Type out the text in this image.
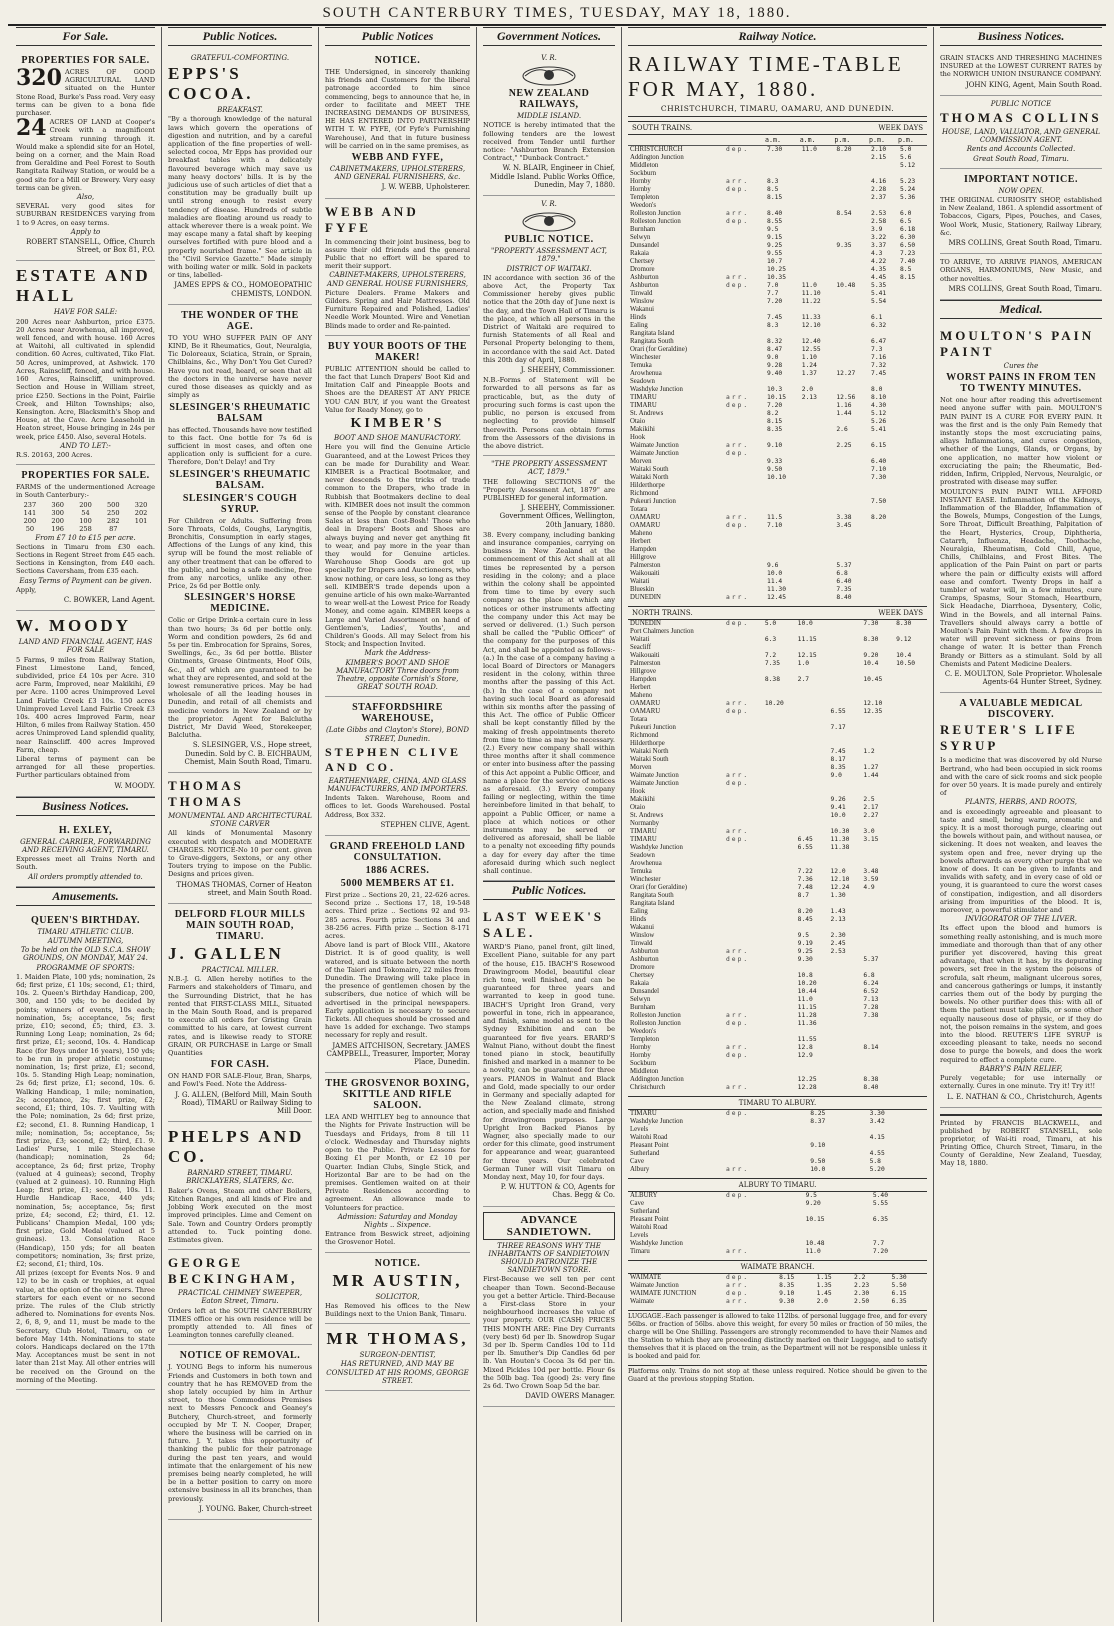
SOUTH CANTERBURY TIMES, TUESDAY, MAY 18, 1880.
For Sale.
PROPERTIES FOR SALE.

320 ACRES OF GOOD AGRICULTURAL LAND situated on the Hunter Stone Road, Burke's Pass road. Very easy terms can be given to a bona fide purchaser.

24 ACRES OF LAND at Cooper's Creek with a magnificent stream running through it. Would make a splendid site for an Hotel, being on a corner, and the Main Road from Geraldine and Peel Forest to South Rangitata Railway Station, or would be a good site for a Mill or Brewery. Very easy terms can be given.

Also,

SEVERAL very good sites for SUBURBAN RESIDENCES varying from 1 to 9 Acres, on easy terms.

Apply to

ROBERT STANSELL, Office, Church Street, or Box 81, P.O.

ESTATE AND HALL

HAVE FOR SALE:

200 Acres near Ashburton, price £375. 20 Acres near Arowhenua, all improved, well fenced, and with house. 160 Acres at Waitohi, all cultivated in splendid condition. 60 Acres, cultivated, Tiko Flat. 50 Acres, unimproved, at Ashwick. 170 Acres, Rainscliff, fenced, and with house. 160 Acres, Rainscliff, unimproved. Section and House in William street, price £250. Sections in the Point, Fairlie Creek, and Hilton Townships; also, Kensington. Acre, Blacksmith's Shop and House, at the Cave. Acre Leasehold in Heaton street, House bringing in 24s per week, price £450. Also, several Hotels.

AND TO LET:-

R.S. 20163, 200 Acres.

PROPERTIES FOR SALE.

FARMS of the undermentioned Acreage in South Canterbury:-

237	360	200	500	320
141	300	54	250	202
200	200	100	282	101
50	196	258	87	

From £7 10 to £15 per acre.

Sections in Timaru from £30 each. Sections in Regent Street from £45 each. Sections in Kensington, from £40 each. Sections Caversham, from £35 each.

Easy Terms of Payment can be given.

Apply,

C. BOWKER, Land Agent.

W. MOODY

LAND AND FINANCIAL AGENT, HAS FOR SALE

5 Farms, 9 miles from Railway Station, Finest Limestone Land, fenced, subdivided, price £4 10s per Acre. 310 acre Farm, Improved, near Makikihi, £9 per Acre. 1100 acres Unimproved Level Land Fairlie Creek £3 10s. 150 acres Unimproved Level Land Fairlie Creek £3 10s. 400 acres Improved Farm, near Hilton, 6 miles from Railway Station. 450 acres Unimproved Land splendid quality, near Rainscliff. 400 acres Improved Farm, cheap.

Liberal terms of payment can be arranged for all these properties. Further particulars obtained from

W. MOODY.

Business Notices.
H. EXLEY,

GENERAL CARRIER, FORWARDING AND RECEIVING AGENT, TIMARU.

Expresses meet all Trains North and South.

All orders promptly attended to.

Amusements.
QUEEN'S BIRTHDAY.

TIMARU ATHLETIC CLUB.

AUTUMN MEETING,

To be held on the OLD S.C.A. SHOW GROUNDS, ON MONDAY, MAY 24.

PROGRAMME OF SPORTS:

1. Maiden Plate, 100 yds; nomination, 2s 6d; first prize, £1 10s; second, £1; third, 10s. 2. Queen's Birthday Handicap, 200, 300, and 150 yds; to be decided by points; winners of events, 10s each; nomination, 5s; acceptance, 5s; first prize, £10; second, £5; third, £3. 3. Running Long Leap; nomination, 2s 6d; first prize, £1; second, 10s. 4. Handicap Race (for Boys under 16 years), 150 yds; to be run in proper athletic costume; nomination, 1s; first prize, £1; second, 10s. 5. Standing High Leap; nomination, 2s 6d; first prize, £1; second, 10s. 6. Walking Handicap, 1 mile; nomination, 2s; acceptance, 2s; first prize, £2; second, £1; third, 10s. 7. Vaulting with the Pole; nomination, 2s 6d; first prize, £2; second, £1. 8. Running Handicap, 1 mile; nomination, 5s; acceptance, 5s; first prize, £3; second, £2; third, £1. 9. Ladies' Purse, 1 mile Steeplechase (handicap); nomination, 2s 6d; acceptance, 2s 6d; first prize, Trophy (valued at 4 guineas); second, Trophy (valued at 2 guineas). 10. Running High Leap; first prize, £1; second, 10s. 11. Hurdle Handicap Race, 440 yds; nomination, 5s; acceptance, 5s; first prize, £4; second, £2; third, £1. 12. Publicans' Champion Medal, 100 yds; first prize, Gold Medal (valued at 5 guineas). 13. Consolation Race (Handicap), 150 yds; for all beaten competitors; nomination, 3s; first prize, £2; second, £1; third, 10s.

All prizes (except for Events Nos. 9 and 12) to be in cash or trophies, at equal value, at the option of the winners. Three starters for each event or no second prize. The rules of the Club strictly adhered to. Nominations for events Nos. 2, 6, 8, 9, and 11, must be made to the Secretary, Club Hotel, Timaru, on or before May 14th. Nominations to state colors. Handicaps declared on the 17th May. Acceptances must be sent in not later than 21st May. All other entries will be received on the Ground on the morning of the Meeting.

Public Notices.

GRATEFUL-COMFORTING.

EPPS'S COCOA.

BREAKFAST.

"By a thorough knowledge of the natural laws which govern the operations of digestion and nutrition, and by a careful application of the fine properties of well-selected cocoa, Mr Epps has provided our breakfast tables with a delicately flavoured beverage which may save us many heavy doctors' bills. It is by the judicious use of such articles of diet that a constitution may be gradually built up until strong enough to resist every tendency of disease. Hundreds of subtle maladies are floating around us ready to attack wherever there is a weak point. We may escape many a fatal shaft by keeping ourselves fortified with pure blood and a properly nourished frame." See article in the "Civil Service Gazette." Made simply with boiling water or milk. Sold in packets or tins, labelled-

JAMES EPPS & CO., HOMOEOPATHIC CHEMISTS, LONDON.

THE WONDER OF THE AGE.

TO YOU WHO SUFFER PAIN OF ANY KIND, Be it Rheumatics, Gout, Neuralgia, Tic Doloreaux, Sciatica, Strain, or Sprain, Chilblains, &c., Why Don't You Get Cured? Have you not read, heard, or seen that all the doctors in the universe have never cured those diseases as quickly and as simply as

SLESINGER'S RHEUMATIC BALSAM

has effected. Thousands have now testified to this fact. One bottle for 7s 6d is sufficient in most cases, and often one application only is sufficient for a cure. Therefore, Don't Delay! and Try

SLESINGER'S RHEUMATIC BALSAM.
SLESINGER'S COUGH SYRUP.

For Children or Adults. Suffering from Sore Throats, Colds, Coughs, Laryngitis, Bronchitis, Consumption in early stages, Affections of the Lungs of any kind, this syrup will be found the most reliable of any other treatment that can be offered to the public, and being a safe medicine, free from any narcotics, unlike any other. Price, 2s 6d per Bottle only.

SLESINGER'S HORSE MEDICINE.

Colic or Gripe Drink-a certain cure in less than two hours; 3s 6d per bottle only. Worm and condition powders, 2s 6d and 5s per tin. Embrocation for Sprains, Sores, Swellings, &c., 3s 6d per bottle. Blister Ointments, Grease Ointments, Hoof Oils, &c., all of which are guaranteed to be what they are represented, and sold at the lowest remunerative prices. May be had wholesale of all the leading houses in Dunedin, and retail of all chemists and medicine vendors in New Zealand or by the proprietor. Agent for Balclutha District, Mr David Weed, Storekeeper, Balclutha.

S. SLESINGER, V.S., Hope street, Dunedin. Sold by C. B. EICHBAUM, Chemist, Main South Road, Timaru.

THOMAS THOMAS

MONUMENTAL AND ARCHITECTURAL STONE CARVER

All kinds of Monumental Masonry executed with despatch and MODERATE CHARGES. NOTICE-No 10 per cent. given to Grave-diggers, Sextons, or any other Touters trying to impose on the Public. Designs and prices given.

THOMAS THOMAS, Corner of Heaton street, and Main South Road.

DELFORD FLOUR MILLS MAIN SOUTH ROAD, TIMARU.
J. GALLEN

PRACTICAL MILLER.

N.B.-J. G. Allen hereby notifies to the Farmers and stakeholders of Timaru, and the Surrounding District, that he has rented that FIRST-CLASS MILL, Situated in the Main South Road, and is prepared to execute all orders for Gristing Grain committed to his care, at lowest current rates, and is likewise ready to STORE GRAIN, OR PURCHASE in Large or Small Quantities

FOR CASH.

ON HAND FOR SALE-Flour, Bran, Sharps, and Fowl's Feed. Note the Address-

J. G. ALLEN, (Belford Mill, Main South Road), TIMARU or Railway Siding to Mill Door.

PHELPS AND CO.

BARNARD STREET, TIMARU. BRICKLAYERS, SLATERS, &c.

Baker's Ovens, Steam and other Boilers, Kitchen Ranges, and all kinds of Fire and Jobbing Work executed on the most improved principles. Lime and Cement on Sale. Town and Country Orders promptly attended to. Tuck pointing done. Estimates given.

GEORGE BECKINGHAM,

PRACTICAL CHIMNEY SWEEPER, Eaton Street, Timaru.

Orders left at the SOUTH CANTERBURY TIMES office or his own residence will be promptly attended to. All fines of Leamington tonnes carefully cleaned.

NOTICE OF REMOVAL.

J. YOUNG Begs to inform his numerous Friends and Customers in both town and country that he has REMOVED from the shop lately occupied by him in Arthur street, to those Commodious Premises next to Messrs Pencock and Geaney's Butchery, Church-street, and formerly occupied by Mr T. N. Cooper, Draper, where the business will be carried on in future. J. Y. takes this opportunity of thanking the public for their patronage during the past ten years, and would intimate that the enlargement of his new premises being nearly completed, he will be in a better position to carry on more extensive business in all its branches, than previously.

J. YOUNG. Baker, Church-street

Public Notices
NOTICE.

THE Undersigned, in sincerely thanking his friends and Customers for the liberal patronage accorded to him since commencing, begs to announce that he, in order to facilitate and MEET THE INCREASING DEMANDS OF BUSINESS, HE HAS ENTERED INTO PARTNERSHIP WITH T. W. FYFE, (Of Fyfe's Furnishing Warehouse), And that in future business will be carried on in the same premises, as

WEBB AND FYFE,

CABINETMAKERS, UPHOLSTERERS, AND GENERAL FURNISHERS, &c.

J. W. WEBB, Upholsterer.

WEBB AND FYFE

In commencing their joint business, beg to assure their old friends and the general Public that no effort will be spared to merit their support.

CABINET-MAKERS, UPHOLSTERERS, AND GENERAL HOUSE FURNISHERS,

Picture Dealers. Frame Makers and Gilders. Spring and Hair Mattresses. Old Furniture Repaired and Polished, Ladies' Needle Work Mounted. Wire and Venetian Blinds made to order and Re-painted.

BUY YOUR BOOTS OF THE MAKER!

PUBLIC ATTENTION should be called to the fact that Lunch Drapers' Boot Kid and Imitation Calf and Pineapple Boots and Shoes are the DEAREST AT ANY PRICE YOU CAN BUY, if you want the Greatest Value for Ready Money, go to

KIMBER'S

BOOT AND SHOE MANUFACTORY.

Here you will find the Genuine Article Guaranteed, and at the Lowest Prices they can be made for Durability and Wear. KIMBER is a Practical Bootmaker, and never descends to the tricks of trade common to the Drapers, who trade in Rubbish that Bootmakers decline to deal with. KIMBER does not insult the common sense of the People by constant clearance Sales at less than Cost-Bosh! Those who deal in Drapers' Boots and Shoes are always buying and never get anything fit to wear, and pay more in the year than they would for Genuine articles. Warehouse Shop Goods are got up specially for Drapers and Auctioneers, who know nothing, or care less, so long as they sell. KIMBER'S trade depends upon a genuine article of his own make-Warranted to wear well-at the Lowest Price for Ready Money, and come again. KIMBER keeps a Large and Varied Assortment on hand of Gentlemen's, Ladies', Youths', and Children's Goods. All may Select from his Stock; and Inspection Invited.

Mark the Address-

KIMBER'S BOOT AND SHOE MANUFACTORY Three doors from Theatre, opposite Cornish's Store, GREAT SOUTH ROAD.

STAFFORDSHIRE WAREHOUSE,

(Late Gibbs and Clayton's Store), BOND STREET, Dunedin.

STEPHEN CLIVE AND CO.

EARTHENWARE, CHINA, AND GLASS MANUFACTURERS, AND IMPORTERS.

Indents Taken. Warehouse, Room and offices to let. Goods Warehoused. Postal Address, Box 332.

STEPHEN CLIVE, Agent.

GRAND FREEHOLD LAND CONSULTATION.
1886 ACRES.
5000 MEMBERS AT £1.

First prize .. Sections 20, 21, 22-626 acres. Second prize .. Sections 17, 18, 19-548 acres. Third prize .. Sections 92 and 93-285 acres. Fourth prize Sections 34 and 38-256 acres. Fifth prize .. Section 8-171 acres.

Above land is part of Block VIII., Akatore District. It is of good quality, is well watered, and is situate between the north of the Taieri and Tokomairo, 22 miles from Dunedin. The Drawing will take place in the presence of gentlemen chosen by the subscribers, due notice of which will be advertised in the principal newspapers. Early application is necessary to secure Tickets. All cheques should be crossed and have 1s added for exchange. Two stamps necessary for reply and result.

JAMES AITCHISON, Secretary. JAMES CAMPBELL, Treasurer, Importer, Moray Place, Dunedin.

THE GROSVENOR BOXING, SKITTLE AND RIFLE SALOON.

LEA AND WHITLEY beg to announce that the Nights for Private Instruction will be Tuesdays and Fridays, from 8 till 11 o'clock. Wednesday and Thursday nights open to the Public. Private Lessons for Boxing £1 per Month, or £2 10 per Quarter. Indian Clubs, Single Stick, and Horizontal Bar are to be had on the premises. Gentlemen waited on at their Private Residences according to agreement. An allowance made to Volunteers for practice.

Admission: Saturday and Monday Nights .. Sixpence.

Entrance from Beswick street, adjoining the Grosvenor Hotel.

NOTICE.
MR AUSTIN,

SOLICITOR,

Has Removed his offices to the New Buildings next to the Union Bank, Timaru.

MR THOMAS,

SURGEON-DENTIST,

HAS RETURNED, AND MAY BE CONSULTED AT HIS ROOMS, GEORGE STREET.

Government Notices.

V. R.

NEW ZEALAND RAILWAYS,

MIDDLE ISLAND.

NOTICE is hereby intimated that the following tenders are the lowest received from Tender until further notice: "Ashburton Branch Extension Contract," "Dunback Contract."

W. N. BLAIR, Engineer in Chief, Middle Island. Public Works Office, Dunedin, May 7, 1880.

V. R.

PUBLIC NOTICE.

"PROPERTY ASSESSMENT ACT, 1879."

DISTRICT OF WAITAKI.

IN accordance with section 36 of the above Act, the Property Tax Commissioner hereby gives public notice that the 20th day of June next is the day, and the Town Hall of Timaru is the place, at which all persons in the District of Waitaki are required to furnish Statements of all Real and Personal Property belonging to them, in accordance with the said Act. Dated this 20th day of April, 1880.

J. SHEEHY, Commissioner.

N.B.-Forms of Statement will be forwarded to all persons as far as practicable, but, as the duty of procuring such forms is cast upon the public, no person is excused from neglecting to provide himself therewith. Persons can obtain forms from the Assessors of the divisions in the above district.

"THE PROPERTY ASSESSMENT ACT, 1879."

THE following SECTIONS of the "Property Assessment Act, 1879" are PUBLISHED for general information.

J. SHEEHY, Commissioner. Government Offices, Wellington, 20th January, 1880.

38. Every company, including banking and insurance companies, carrying on business in New Zealand at the commencement of this Act shall at all times be represented by a person residing in the colony; and a place within the colony shall be appointed from time to time by every such company as the place at which any notices or other instruments affecting the company under this Act may be served or delivered. (1.) Such person shall be called the "Public Officer" of the company for the purposes of this Act, and shall be appointed as follows:- (a.) In the case of a company having a local Board of Directors or Managers resident in the colony, within three months after the passing of this Act. (b.) In the case of a company not having such local Board as aforesaid within six months after the passing of this Act. The office of Public Officer shall be kept constantly filled by the making of fresh appointments thereto from time to time as may be necessary. (2.) Every new company shall within three months after it shall commence or enter into business after the passing of this Act appoint a Public Officer, and name a place for the service of notices as aforesaid. (3.) Every company failing or neglecting, within the time hereinbefore limited in that behalf, to appoint a Public Officer, or name a place at which notices or other instruments may be served or delivered as aforesaid, shall be liable to a penalty not exceeding fifty pounds a day for every day after the time aforesaid during which such neglect shall continue.

Public Notices.
LAST WEEK'S SALE.

WARD'S Piano, panel front, gilt lined, Excellent Piano, suitable for any part of the house, £15. IBACH'S Rosewood Drawingroom Model, beautiful clear rich tone, well finished, and can be guaranteed for three years and warranted to keep in good tune. IBACH'S Upright Iron Grand, very powerful in tone, rich in appearance, and finish, same model as sent to the Sydney Exhibition and can be guaranteed for five years. ERARD'S Walnut Piano, without doubt the finest toned piano in stock, beautifully finished and marked in a manner to be a novelty, can be guaranteed for three years. PIANOS in Walnut and Black and Gold, made specially to our order in Germany and specially adapted for the New Zealand climate, strong action, and specially made and finished for drawingroom purposes. Large Upright Iron Backed Pianos by Wagner, also specially made to our order for this climate, good instrument for appearance and wear, guaranteed for three years. Our celebrated German Tuner will visit Timaru on Monday next, May 10, for four days.

P. W. HUTTON & CO, Agents for Chas. Begg & Co.

ADVANCE SANDIETOWN.

THREE REASONS WHY THE INHABITANTS OF SANDIETOWN SHOULD PATRONIZE THE SANDIETOWN STORE.

First-Because we sell ten per cent cheaper than Town. Second-Because you get a better Article. Third-Because a First-class Store in your neighbourhood increases the value of your property. OUR (CASH) PRICES THIS MONTH ARE: Fine Dry Currants (very best) 6d per lb. Snowdrop Sugar 3d per lb. Sperm Candles 10d to 11d per lb. Smuther's Dip Candles 6d per lb. Van Houten's Cocoa 3s 6d per tin. Mixed Pickles 10d per bottle. Flour 6s the 50lb bag. Tea (good) 2s: very fine 2s 6d. Two Crown Soap 5d the bar.

DAVID OWERS Manager.

Railway Notice.
RAILWAY TIME-TABLE FOR MAY, 1880.
CHRISTCHURCH, TIMARU, OAMARU, AND DUNEDIN.
SOUTH TRAINS.	WEEK DAYS
		a.m.	a.m.	p.m.	p.m.	p.m.
CHRISTCHURCH	dep.	7.30	11.0	8.20	2.10	5.0
Addington Junction					2.15	5.6
Middleton						5.12
Sockburn						
Hornby	arr.	8.3			4.16	5.23
Hornby	dep.	8.5			2.28	5.24
Templeton		8.15			2.37	5.36
Weedon's						
Rolleston Junction	arr.	8.40		8.54	2.53	6.0
Rolleston Junction	dep.	8.55			2.58	6.5
Burnham		9.5			3.9	6.18
Selwyn		9.15			3.22	6.30
Dunsandel		9.25		9.35	3.37	6.50
Rakaia		9.55			4.3	7.23
Chertsey		10.7			4.22	7.40
Dromore		10.25			4.35	8.5
Ashburton	arr.	10.35			4.45	8.15
Ashburton	dep.	7.0	11.0	10.48	5.35	
Tinwald		7.7	11.10		5.41	
Winslow		7.20	11.22		5.54	
Wakanui						
Hinds		7.45	11.33		6.1	
Ealing		8.3	12.10		6.32	
Rangitata Island						
Rangitata South		8.32	12.40		6.47	
Orari (for Geraldine)		8.47	12.55		7.3	
Winchester		9.0	1.10		7.16	
Temuka		9.28	1.24		7.32	
Arowhenua		9.40	1.37	12.27	7.45	
Seadown						
Washdyke Junction		10.3	2.0		8.0	
TIMARU	arr.	10.15	2.13	12.56	8.10	
TIMARU	dep.	7.20		1.16	4.30	
St. Andrews		8.2		1.44	5.12	
Otaio		8.15			5.26	
Makikihi		8.35		2.6	5.41	
Hook						
Waimate Junction	arr.	9.10		2.25	6.15	
Waimate Junction	dep.					
Morven		9.33			6.40	
Waitaki South		9.50			7.10	
Waitaki North		10.10			7.30	
Hilderthorpe						
Richmond						
Pukeuri Junction					7.50	
Totara						
OAMARU	arr.	11.5		3.38	8.20	
OAMARU	dep.	7.10		3.45		
Maheno						
Herbert						
Hampden						
Hillgrove						
Palmerston		9.6		5.37		
Waikouaiti		10.0		6.8		
Waitati		11.4		6.40		
Blueskin		11.30		7.35		
DUNEDIN	arr.	12.45		8.40		
NORTH TRAINS.	WEEK DAYS
DUNEDIN	dep.	5.0	10.0		7.30	8.30
Port Chalmers Junction						
Waitati		6.3	11.15		8.30	9.12
Seacliff						
Waikouaiti		7.2	12.15		9.20	10.4
Palmerston		7.35	1.0		10.4	10.50
Hillgrove						
Hampden		8.38	2.7		10.45	
Herbert						
Maheno						
OAMARU	arr.	10.20			12.10	
OAMARU	dep.			6.55	12.35	
Totara						
Pukeuri Junction				7.17		
Richmond						
Hilderthorpe						
Waitaki North				7.45	1.2	
Waitaki South				8.17		
Morven				8.35	1.27	
Waimate Junction	arr.			9.0	1.44	
Waimate Junction	dep.					
Hook						
Makikihi				9.26	2.5	
Otaio				9.41	2.17	
St. Andrews				10.0	2.27	
Normanby						
TIMARU	arr.			10.30	3.0	
TIMARU	dep.		6.45	11.30	3.15	
Washdyke Junction			6.55	11.38		
Seadown						
Arowhenua						
Temuka			7.22	12.0	3.48	
Winchester			7.36	12.10	3.59	
Orari (for Geraldine)			7.48	12.24	4.9	
Rangitata South			8.7	1.30		
Rangitata Island						
Ealing			8.20	1.43		
Hinds			8.45	2.13		
Wakanui						
Winslow			9.5	2.30		
Tinwald			9.19	2.45		
Ashburton	arr.		9.25	2.53		
Ashburton	dep.		9.30		5.37	
Dromore						
Chertsey			10.8		6.8	
Rakaia			10.20		6.24	
Dunsandel			10.44		6.52	
Selwyn			11.0		7.13	
Burnham			11.15		7.28	
Rolleston Junction	arr.		11.28		7.38	
Rolleston Junction	dep.		11.36			
Weedon's						
Templeton			11.55			
Hornby	arr.		12.8		8.14	
Hornby	dep.		12.9			
Sockburn						
Middleton						
Addington Junction			12.25		8.38	
Christchurch	arr.		12.28		8.40	
TIMARU TO ALBURY.
TIMARU	dep.	8.25	3.30
Washdyke Junction		8.37	3.42
Levels			
Waitohi Road			4.15
Pleasant Point		9.10	
Sutherland			4.55
Cave		9.50	5.8
Albury	arr.	10.0	5.20
ALBURY TO TIMARU.
ALBURY	dep.	9.5	5.40
Cave		9.20	5.55
Sutherland			
Pleasant Point		10.15	6.35
Waitohi Road			
Levels			
Washdyke Junction		10.48	7.7
Timaru	arr.	11.0	7.20
WAIMATE BRANCH.
WAIMATE	dep.	8.15	1.15	2.2	5.30
Waimate Junction	arr.	8.35	1.35	2.23	5.50
WAIMATE JUNCTION	dep.	9.10	1.45	2.30	6.15
Waimate	arr.	9.30	2.0	2.50	6.35
LUGGAGE.-Each passenger is allowed to take 112lbs. of personal luggage free, and for every 56lbs. or fraction of 56lbs. above this weight, for every 50 miles or fraction of 50 miles, the charge will be One Shilling. Passengers are strongly recommended to have their Names and the Station to which they are proceeding distinctly marked on their Luggage, and to satisfy themselves that it is placed on the train, as the Department will not be responsible unless it is booked and paid for.
Platforms only. Trains do not stop at these unless required. Notice should be given to the Guard at the previous stopping Station.
Business Notices.

GRAIN STACKS AND THRESHING MACHINES INSURED at the LOWEST CURRENT RATES by the NORWICH UNION INSURANCE COMPANY.

JOHN KING, Agent, Main South Road.

PUBLIC NOTICE

THOMAS COLLINS

HOUSE, LAND, VALUATOR, AND GENERAL COMMISSION AGENT.

Rents and Accounts Collected.

Great South Road, Timaru.

IMPORTANT NOTICE.

NOW OPEN.

THE ORIGINAL CURIOSITY SHOP, established in New Zealand, 1861. A splendid assortment of Tobaccos, Cigars, Pipes, Pouches, and Cases, Wool Work, Music, Stationery, Railway Library, &c.

MRS COLLINS, Great South Road, Timaru.

TO ARRIVE, TO ARRIVE PIANOS, AMERICAN ORGANS, HARMONIUMS, New Music, and other novelties.

MRS COLLINS, Great South Road, Timaru.

Medical.
MOULTON'S PAIN PAINT

Cures the

WORST PAINS IN FROM TEN TO TWENTY MINUTES.

Not one hour after reading this advertisement need anyone suffer with pain. MOULTON'S PAIN PAINT IS A CURE FOR EVERY PAIN. It was the first and is the only Pain Remedy that instantly stops the most excruciating pains, allays Inflammations, and cures congestion, whether of the Lungs, Glands, or Organs, by one application, no matter how violent or excruciating the pain; the Rheumatic, Bed-ridden, Infirm, Crippled, Nervous, Neuralgic, or prostrated with disease may suffer.

MOULTON'S PAIN PAINT WILL AFFORD INSTANT EASE. Inflammation of the Kidneys, Inflammation of the Bladder, Inflammation of the Bowels, Mumps, Congestion of the Lungs, Sore Throat, Difficult Breathing, Palpitation of the Heart, Hysterics, Croup, Diphtheria, Catarrh, Influenza, Headache, Toothache, Neuralgia, Rheumatism, Cold Chill, Ague, Chills, Chilblains, and Frost Bites. The application of the Pain Paint on part or parts where the pain or difficulty exists will afford ease and comfort. Twenty Drops in half a tumbler of water will, in a few minutes, cure Cramps, Spasms, Sour Stomach, Heartburn, Sick Headache, Diarrhoea, Dysentery, Colic, Wind in the Bowels, and all internal Pains. Travellers should always carry a bottle of Moulton's Pain Paint with them. A few drops in water will prevent sickness or pains from change of water. It is better than French Brandy or Bitters as a stimulant. Sold by all Chemists and Patent Medicine Dealers.

C. E. MOULTON, Sole Proprietor. Wholesale Agents-64 Hunter Street, Sydney.

A VALUABLE MEDICAL DISCOVERY.
REUTER'S LIFE SYRUP

Is a medicine that was discovered by old Nurse Bertrand, who had been occupied in sick rooms and with the care of sick rooms and sick people for over 50 years. It is made purely and entirely of

PLANTS, HERBS, AND ROOTS,

and is exceedingly agreeable and pleasant to taste and smell, being warm, aromatic and spicy. It is a most thorough purge, clearing out the bowels without pain, and without nausea, or sickening. It does not weaken, and leaves the system open and free, never drying up the bowels afterwards as every other purge that we know of does. It can be given to infants and invalids with safety, and in every case of old or young, it is guaranteed to cure the worst cases of constipation, indigestion, and all disorders arising from impurities of the blood. It is, moreover, a powerful stimulator and

INVIGORATOR OF THE LIVER.

Its effect upon the blood and humors is something really astonishing, and is much more immediate and thorough than that of any other purifier yet discovered, having this great advantage, that when it has, by its depurating powers, set free in the system the poisons of scrofula, salt rheum, malignant ulcerous sores, and cancerous gatherings or lumps, it instantly carries them out of the body by purging the bowels. No other purifier does this: with all of them the patient must take pills, or some other equally nauseous dose of physic, or if they do not, the poison remains in the system, and goes into the blood. REUTER'S LIFE SYRUP is exceeding pleasant to take, needs no second dose to purge the bowels, and does the work required to effect a complete cure.

BABRY'S PAIN RELIEF,

Purely vegetable; for use internally or externally. Cures in one minute. Try it! Try it!!

L. E. NATHAN & CO., Christchurch, Agents

Printed by FRANCIS BLACKWELL, and published by ROBERT STANSELL, sole proprietor, of Wai-iti road, Timaru, at his Printing Office, Church Street, Timaru, in the County of Geraldine, New Zealand, Tuesday, May 18, 1880.
